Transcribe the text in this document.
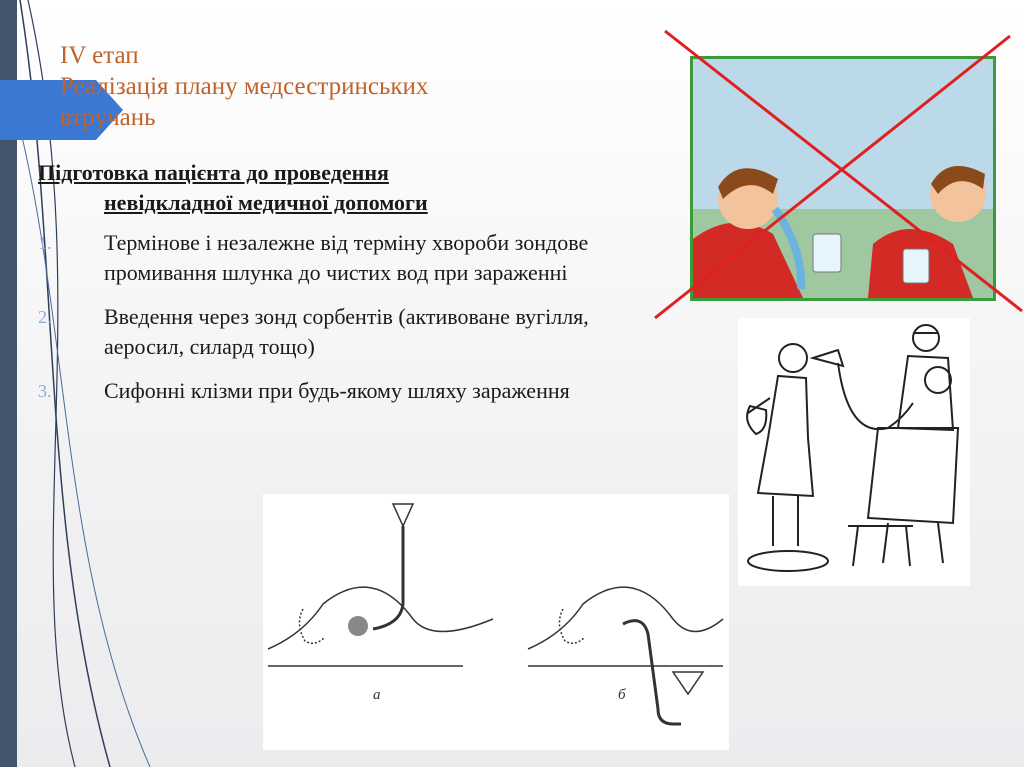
IV етап
Реалізація плану медсестринських
втручань
Підготовка пацієнта до проведення
невідкладної медичної допомоги
1. Термінове і незалежне від терміну хвороби зондове промивання шлунка до чистих вод при зараженні
2. Введення через зонд сорбентів (активоване вугілля, аеросил, силард тощо)
3. Сифонні клізми при будь-якому шляху зараження
а	б
